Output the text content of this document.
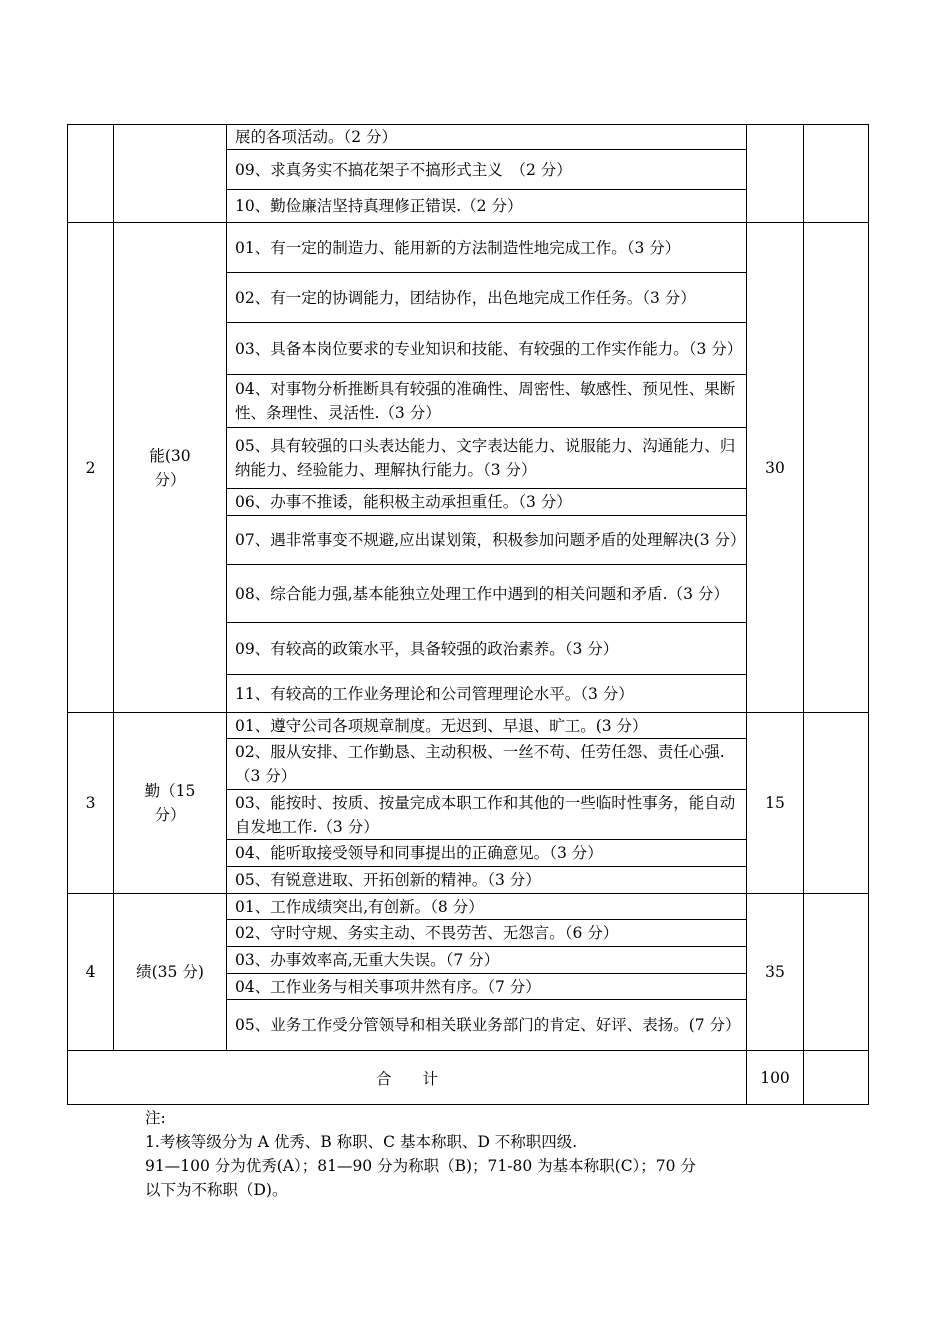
		展的各项活动。（2 分）		
		09、求真务实不搞花架子不搞形式主义　（2 分）		
		10、勤俭廉洁坚持真理修正错误.（2 分）		
2	能(30分）	01、有一定的制造力、能用新的方法制造性地完成工作。（3 分）	30	
		02、有一定的协调能力，团结协作，出色地完成工作任务。（3 分）		
		03、具备本岗位要求的专业知识和技能、有较强的工作实作能力。（3 分）		
		04、对事物分析推断具有较强的准确性、周密性、敏感性、预见性、果断性、条理性、灵活性.（3 分）		
		05、具有较强的口头表达能力、文字表达能力、说服能力、沟通能力、归纳能力、经验能力、理解执行能力。（3 分）		
		06、办事不推诿，能积极主动承担重任。（3 分）		
		07、遇非常事变不规避,应出谋划策，积极参加问题矛盾的处理解决(3 分）		
		08、综合能力强,基本能独立处理工作中遇到的相关问题和矛盾.（3 分）		
		09、有较高的政策水平，具备较强的政治素养。（3 分）		
		11、有较高的工作业务理论和公司管理理论水平。（3 分）		
3	勤（15分）	01、遵守公司各项规章制度。无迟到、早退、旷工。(3 分）	15	
		02、服从安排、工作勤恳、主动积极、一丝不苟、任劳任怨、责任心强.（3 分）		
		03、能按时、按质、按量完成本职工作和其他的一些临时性事务，能自动自发地工作.（3 分）		
		04、能听取接受领导和同事提出的正确意见。（3 分）		
		05、有锐意进取、开拓创新的精神。（3 分）		
4	绩(35 分)	01、工作成绩突出,有创新。（8 分）	35	
		02、守时守规、务实主动、不畏劳苦、无怨言。（6 分）		
		03、办事效率高,无重大失误。（7 分）		
		04、工作业务与相关事项井然有序。（7 分）		
		05、业务工作受分管领导和相关联业务部门的肯定、好评、表扬。(7 分）		
合　　计			100	
注:
1.考核等级分为 A 优秀、B 称职、C 基本称职、D 不称职四级.
91—100 分为优秀(A）；81—90 分为称职（B)；71-80 为基本称职(C）；70 分
以下为不称职（D)。
